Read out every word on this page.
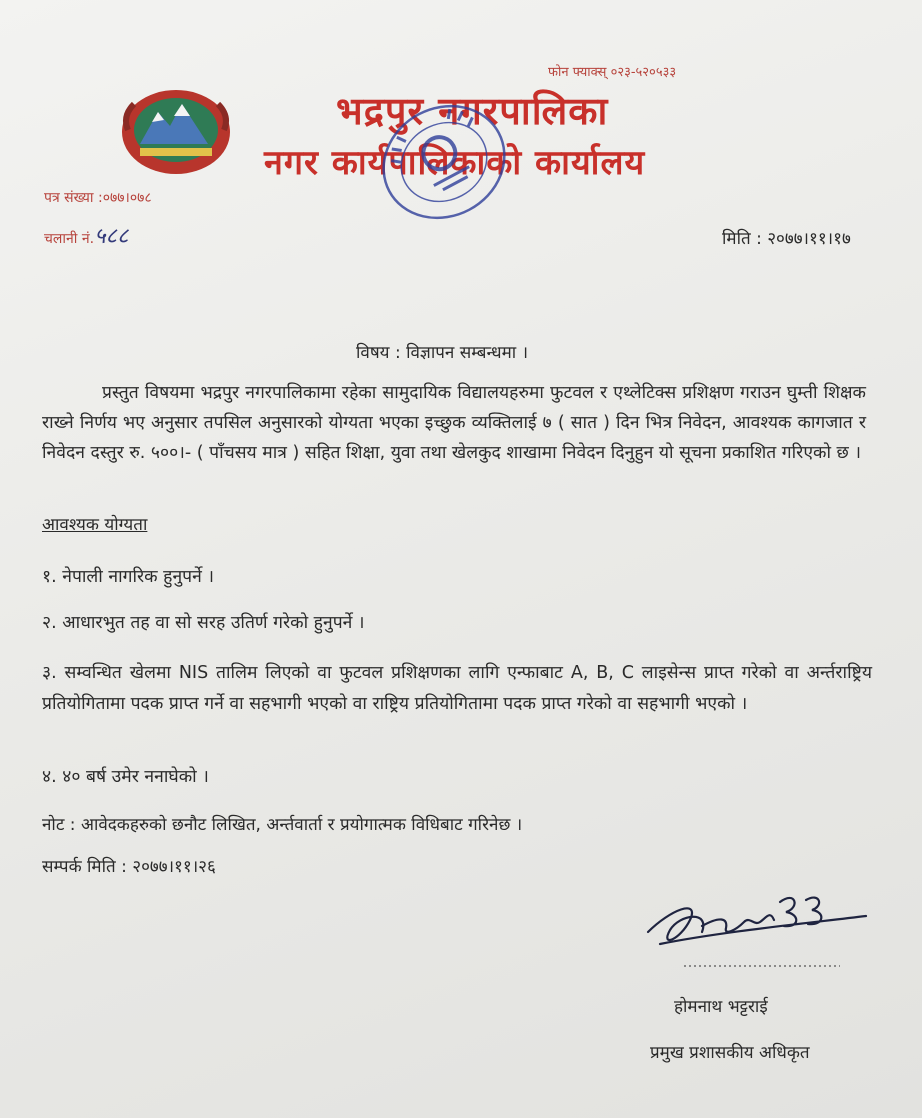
फोन फ्याक्स् ०२३-५२०५३३
भद्रपुर नगरपालिका
नगर कार्यपालिकाको कार्यालय
पत्र संख्या :०७७।०७८
चलानी नं.५८८	मिति : २०७७।११।१७
विषय : विज्ञापन सम्बन्धमा ।
प्रस्तुत विषयमा भद्रपुर नगरपालिकामा रहेका सामुदायिक विद्यालयहरुमा फुटवल र एथ्लेटिक्स प्रशिक्षण गराउन घुम्ती शिक्षक राख्ने निर्णय भए अनुसार तपसिल अनुसारको योग्यता भएका इच्छुक व्यक्तिलाई ७ ( सात ) दिन भित्र निवेदन, आवश्यक कागजात र निवेदन दस्तुर रु. ५००।- ( पाँचसय मात्र ) सहित शिक्षा, युवा तथा खेलकुद शाखामा निवेदन दिनुहुन यो सूचना प्रकाशित गरिएको छ ।
आवश्यक योग्यता
१. नेपाली नागरिक हुनुपर्ने ।
२. आधारभुत तह वा सो सरह उतिर्ण गरेको हुनुपर्ने ।
३. सम्वन्धित खेलमा NIS तालिम लिएको वा फुटवल प्रशिक्षणका लागि एन्फाबाट A, B, C लाइसेन्स प्राप्त गरेको वा अर्न्तराष्ट्रिय प्रतियोगितामा पदक प्राप्त गर्ने वा सहभागी भएको वा राष्ट्रिय प्रतियोगितामा पदक प्राप्त गरेको वा सहभागी भएको ।
४. ४० बर्ष उमेर ननाघेको ।
नोट : आवेदकहरुको छनौट लिखित, अर्न्तवार्ता र प्रयोगात्मक विधिबाट गरिनेछ ।
सम्पर्क मिति : २०७७।११।२६
होमनाथ भट्टराई
प्रमुख प्रशासकीय अधिकृत
